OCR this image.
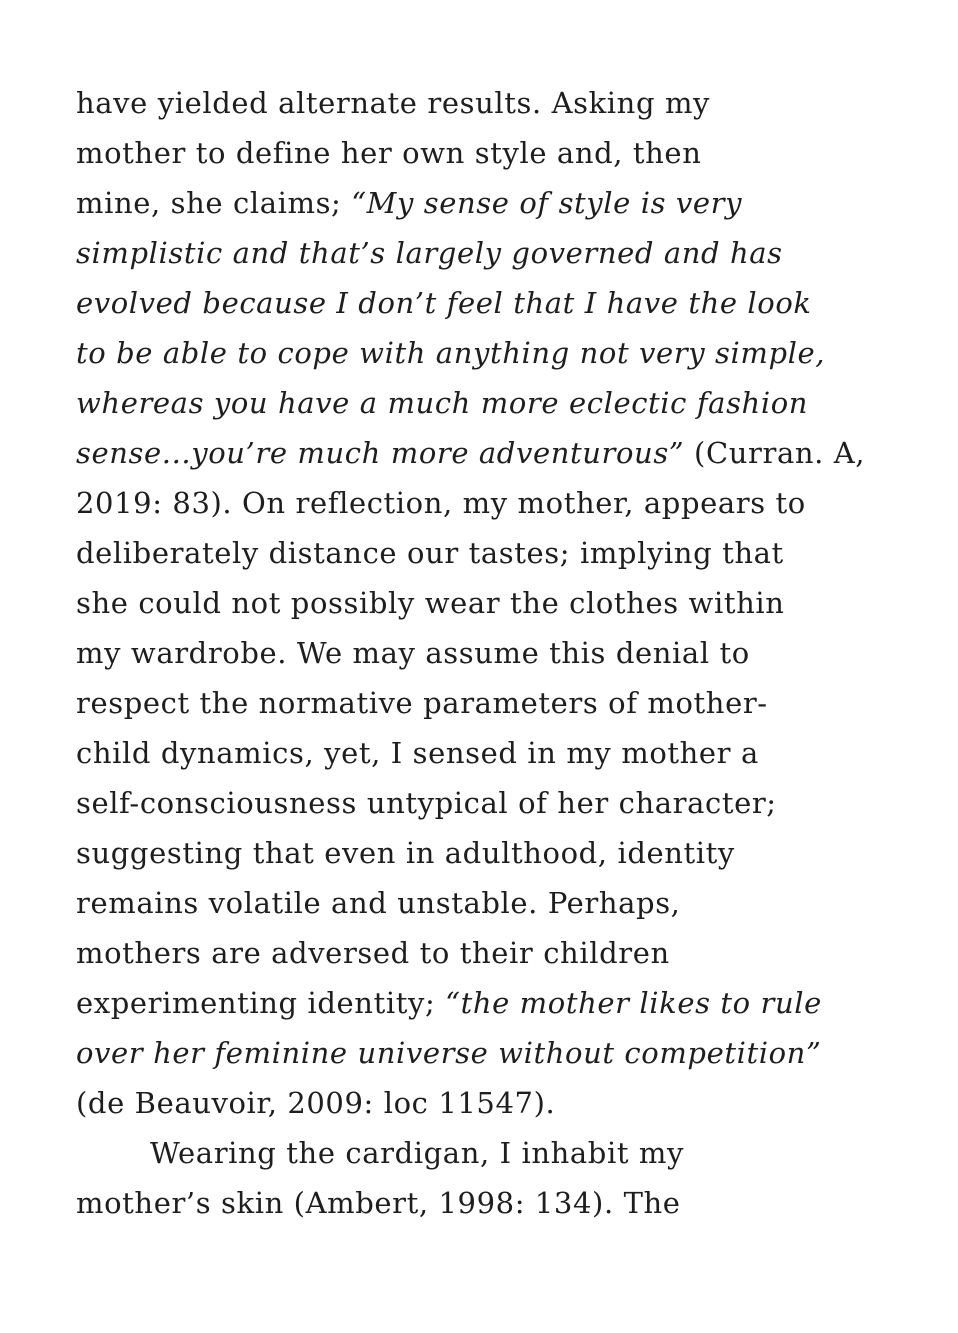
have yielded alternate results. Asking my
mother to define her own style and, then
mine, she claims; “My sense of style is very
simplistic and that’s largely governed and has
evolved because I don’t feel that I have the look
to be able to cope with anything not very simple,
whereas you have a much more eclectic fashion
sense...you’re much more adventurous” (Curran. A,
2019: 83). On reflection, my mother, appears to
deliberately distance our tastes; implying that
she could not possibly wear the clothes within
my wardrobe. We may assume this denial to
respect the normative parameters of mother-
child dynamics, yet, I sensed in my mother a
self-consciousness untypical of her character;
suggesting that even in adulthood, identity
remains volatile and unstable. Perhaps,
mothers are adversed to their children
experimenting identity; “the mother likes to rule
over her feminine universe without competition”
(de Beauvoir, 2009: loc 11547).
Wearing the cardigan, I inhabit my
mother’s skin (Ambert, 1998: 134). The
